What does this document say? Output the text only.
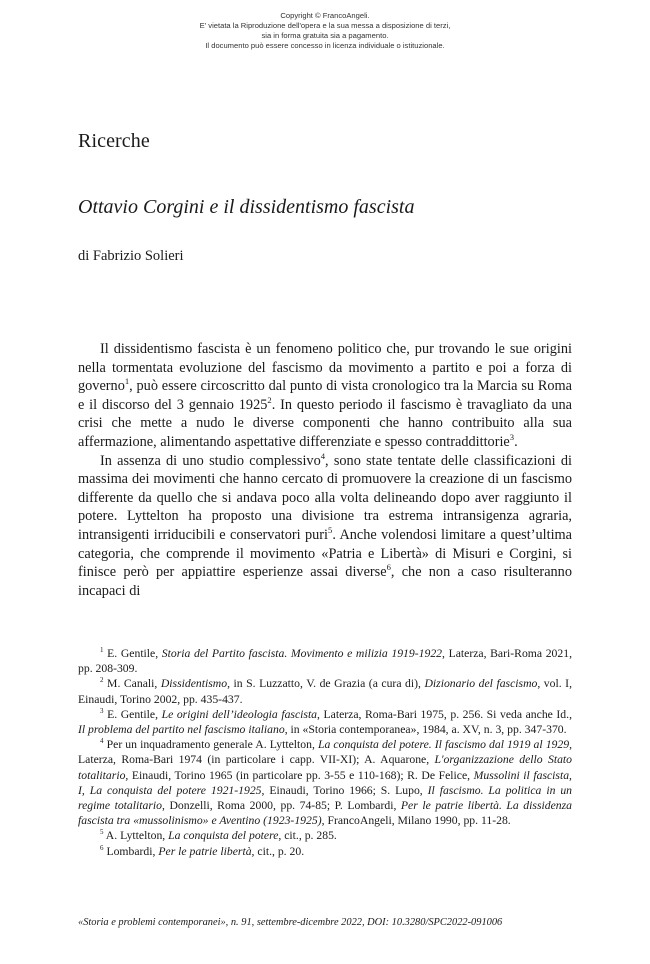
Copyright © FrancoAngeli.
E' vietata la Riproduzione dell'opera e la sua messa a disposizione di terzi,
sia in forma gratuita sia a pagamento.
Il documento può essere concesso in licenza individuale o istituzionale.
Ricerche
Ottavio Corgini e il dissidentismo fascista
di Fabrizio Solieri

Il dissidentismo fascista è un fenomeno politico che, pur trovando le sue origini nella tormentata evoluzione del fascismo da movimento a partito e poi a forza di governo$^1$, può essere circoscritto dal punto di vista cronologico tra la Marcia su Roma e il discorso del 3 gennaio 1925$^2$. In questo periodo il fascismo è travagliato da una crisi che mette a nudo le diverse componenti che hanno contribuito alla sua affermazione, alimentando aspettative differenziate e spesso contraddittorie$^3$.

In assenza di uno studio complessivo$^4$, sono state tentate delle classificazioni di massima dei movimenti che hanno cercato di promuovere la creazione di un fascismo differente da quello che si andava poco alla volta delineando dopo aver raggiunto il potere. Lyttelton ha proposto una divisione tra estrema intransigenza agraria, intransigenti irriducibili e conservatori puri$^5$. Anche volendosi limitare a quest’ultima categoria, che comprende il movimento «Patria e Libertà» di Misuri e Corgini, si finisce però per appiattire esperienze assai diverse$^6$, che non a caso risulteranno incapaci di

$^1$ E. Gentile, Storia del Partito fascista. Movimento e milizia 1919-1922, Laterza, Bari-Roma 2021, pp. 208-309.

$^2$ M. Canali, Dissidentismo, in S. Luzzatto, V. de Grazia (a cura di), Dizionario del fascismo, vol. I, Einaudi, Torino 2002, pp. 435-437.

$^3$ E. Gentile, Le origini dell’ideologia fascista, Laterza, Roma-Bari 1975, p. 256. Si veda anche Id., Il problema del partito nel fascismo italiano, in «Storia contemporanea», 1984, a. XV, n. 3, pp. 347-370.

$^4$ Per un inquadramento generale A. Lyttelton, La conquista del potere. Il fascismo dal 1919 al 1929, Laterza, Roma-Bari 1974 (in particolare i capp. VII-XI); A. Aquarone, L'organizzazione dello Stato totalitario, Einaudi, Torino 1965 (in particolare pp. 3-55 e 110-168); R. De Felice, Mussolini il fascista, I, La conquista del potere 1921-1925, Einaudi, Torino 1966; S. Lupo, Il fascismo. La politica in un regime totalitario, Donzelli, Roma 2000, pp. 74-85; P. Lombardi, Per le patrie libertà. La dissidenza fascista tra «mussolinismo» e Aventino (1923-1925), FrancoAngeli, Milano 1990, pp. 11-28.

$^5$ A. Lyttelton, La conquista del potere, cit., p. 285.

$^6$ Lombardi, Per le patrie libertà, cit., p. 20.

«Storia e problemi contemporanei», n. 91, settembre-dicembre 2022, DOI: 10.3280/SPC2022-091006
